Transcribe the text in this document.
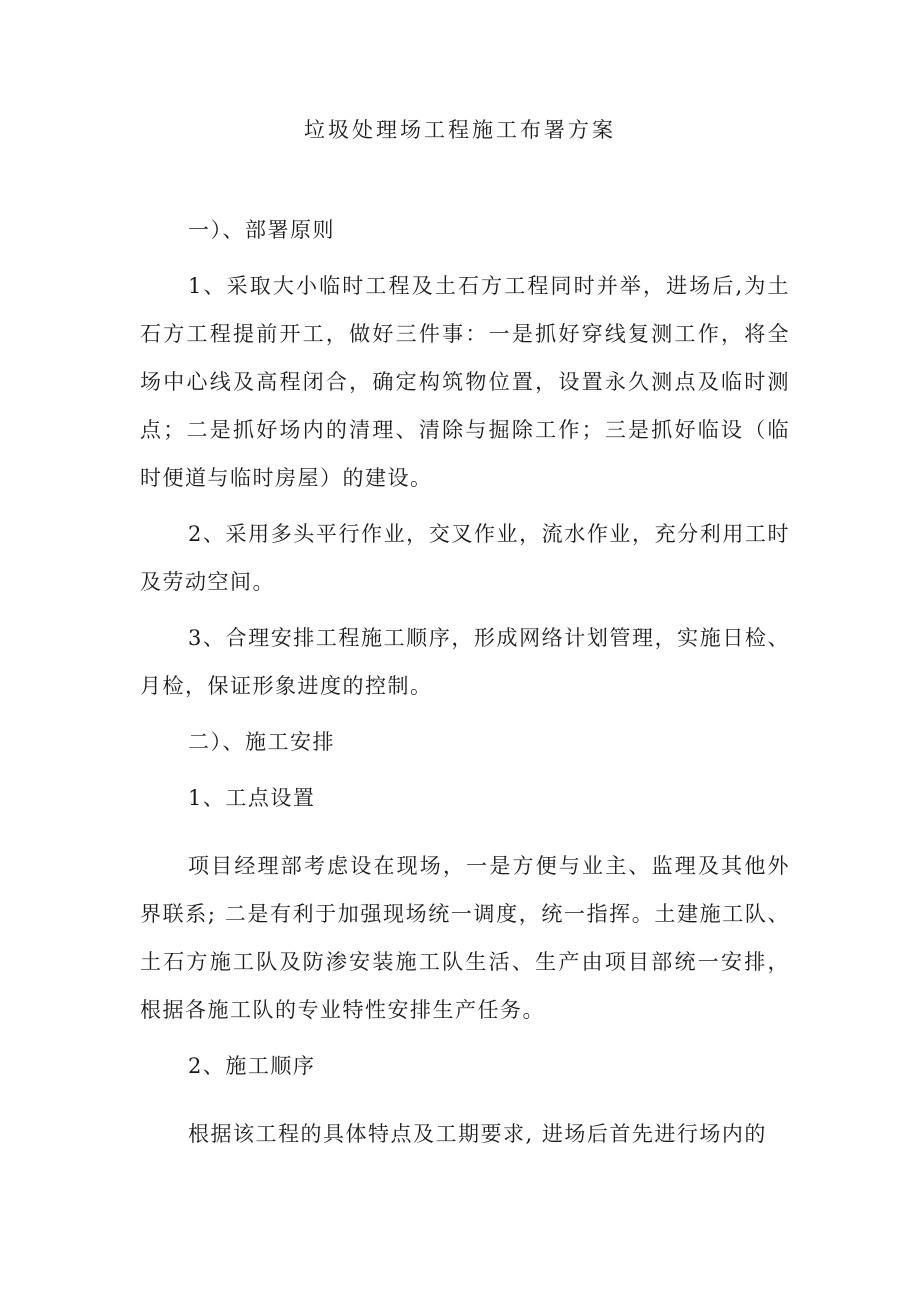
垃圾处理场工程施工布署方案

一）、部署原则

1、采取大小临时工程及土石方工程同时并举，进场后,为土石方工程提前开工，做好三件事：一是抓好穿线复测工作，将全场中心线及高程闭合，确定构筑物位置，设置永久测点及临时测点；二是抓好场内的清理、清除与掘除工作；三是抓好临设（临时便道与临时房屋）的建设。

2、采用多头平行作业，交叉作业，流水作业，充分利用工时及劳动空间。

3、合理安排工程施工顺序，形成网络计划管理，实施日检、月检，保证形象进度的控制。

二）、施工安排

1、工点设置

项目经理部考虑设在现场，一是方便与业主、监理及其他外界联系; 二是有利于加强现场统一调度，统一指挥。土建施工队、土石方施工队及防渗安装施工队生活、生产由项目部统一安排，根据各施工队的专业特性安排生产任务。

2、施工顺序

根据该工程的具体特点及工期要求, 进场后首先进行场内的
